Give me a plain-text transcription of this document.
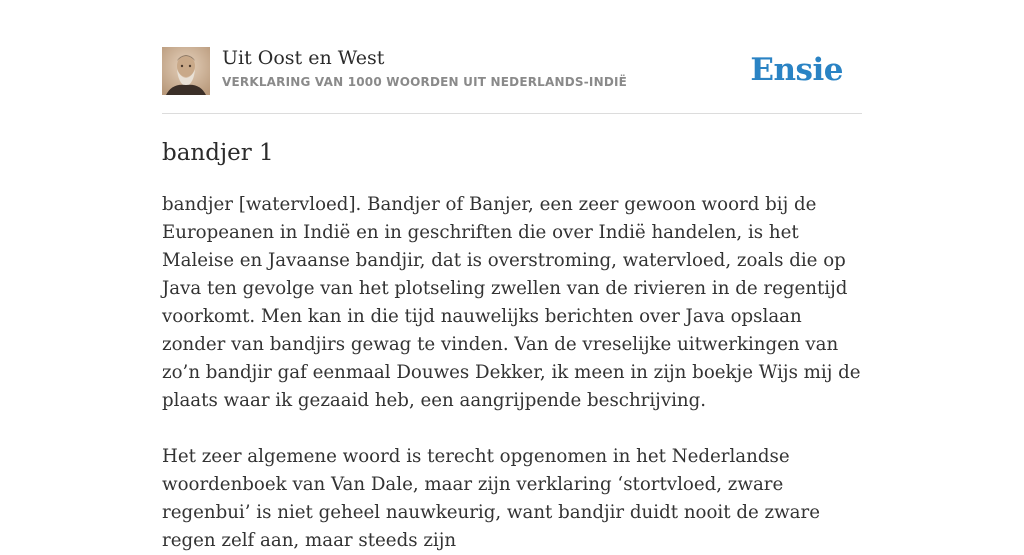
Uit Oost en West
VERKLARING VAN 1000 WOORDEN UIT NEDERLANDS-INDIË	Ensie
bandjer 1

bandjer [watervloed]. Bandjer of Banjer, een zeer gewoon woord bij de Europeanen in Indië en in geschriften die over Indië handelen, is het Maleise en Javaanse bandjir, dat is overstroming, watervloed, zoals die op Java ten gevolge van het plotseling zwellen van de rivieren in de regentijd voorkomt. Men kan in die tijd nauwelijks berichten over Java opslaan zonder van bandjirs gewag te vinden. Van de vreselijke uitwerkingen van zo’n bandjir gaf eenmaal Douwes Dekker, ik meen in zijn boekje Wijs mij de plaats waar ik gezaaid heb, een aangrijpende beschrijving.

Het zeer algemene woord is terecht opgenomen in het Nederlandse woordenboek van Van Dale, maar zijn verklaring ‘stortvloed, zware regenbui’ is niet geheel nauwkeurig, want bandjir duidt nooit de zware regen zelf aan, maar steeds zijn
